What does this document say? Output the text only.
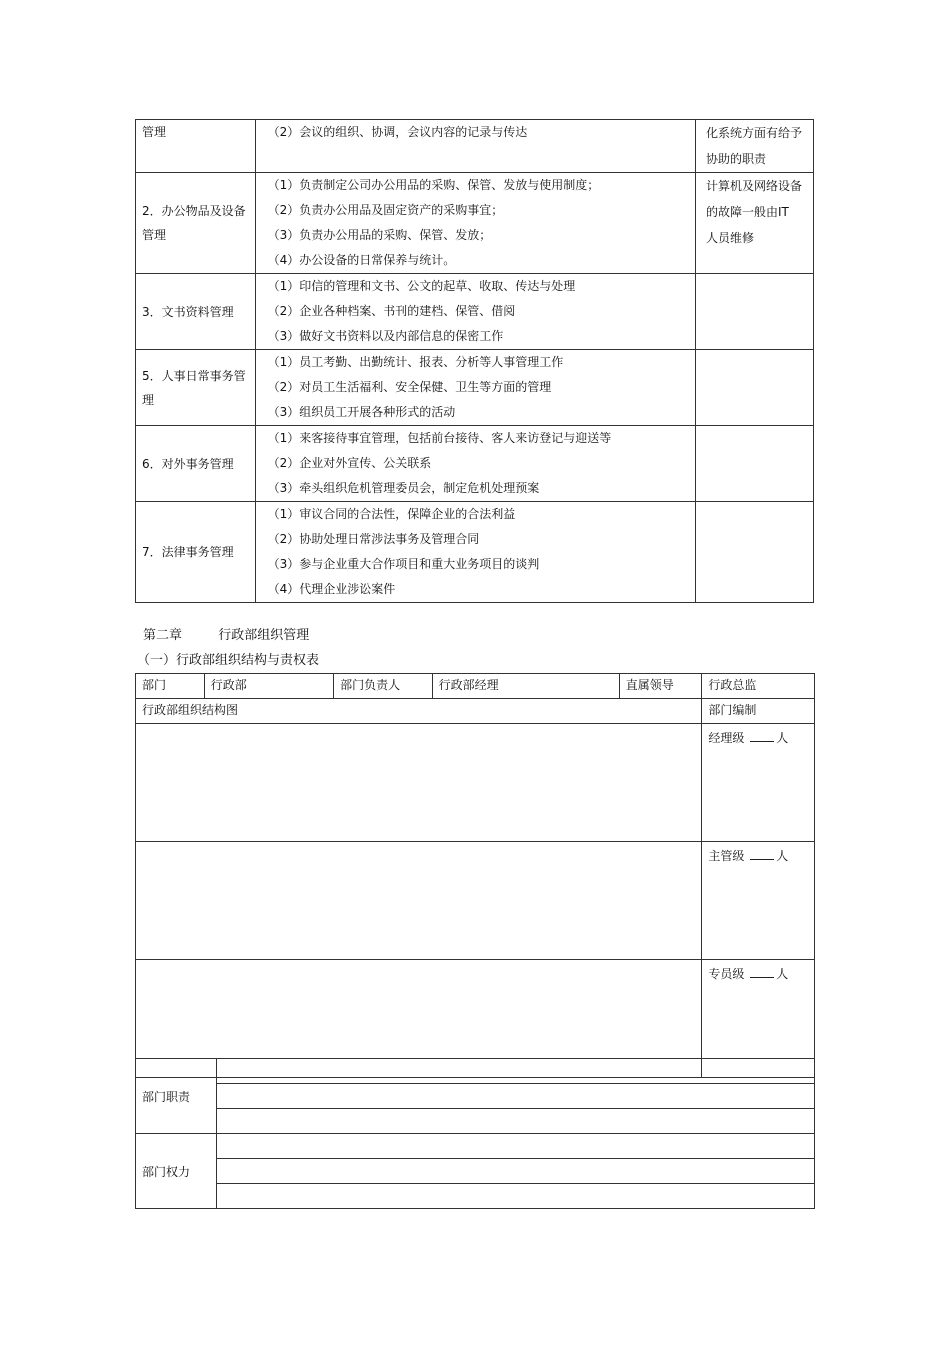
管理	（2）会议的组织、协调，会议内容的记录与传达	化系统方面有给予协助的职责
2．办公物品及设备管理	（1）负责制定公司办公用品的采购、保管、发放与使用制度；
（2）负责办公用品及固定资产的采购事宜；
（3）负责办公用品的采购、保管、发放；
（4）办公设备的日常保养与统计。	计算机及网络设备的故障一般由IT 人员维修
3．文书资料管理	（1）印信的管理和文书、公文的起草、收取、传达与处理
（2）企业各种档案、书刊的建档、保管、借阅
（3）做好文书资料以及内部信息的保密工作	

5．人事日常事务管理	（1）员工考勤、出勤统计、报表、分析等人事管理工作
（2）对员工生活福利、安全保健、卫生等方面的管理
（3）组织员工开展各种形式的活动	

6．对外事务管理	（1）来客接待事宜管理，包括前台接待、客人来访登记与迎送等
（2）企业对外宣传、公关联系
（3）牵头组织危机管理委员会，制定危机处理预案	

7．法律事务管理	（1）审议合同的合法性，保障企业的合法利益
（2）协助处理日常涉法事务及管理合同
（3）参与企业重大合作项目和重大业务项目的谈判
（4）代理企业涉讼案件	

第二章	行政部组织管理
（一）行政部组织结构与责权表
部门	行政部	部门负责人	行政部经理	直属领导	行政总监
行政部组织结构图					部门编制
					经理级 人
					主管级 人
					专员级 人
部门职责	

部门权力	
